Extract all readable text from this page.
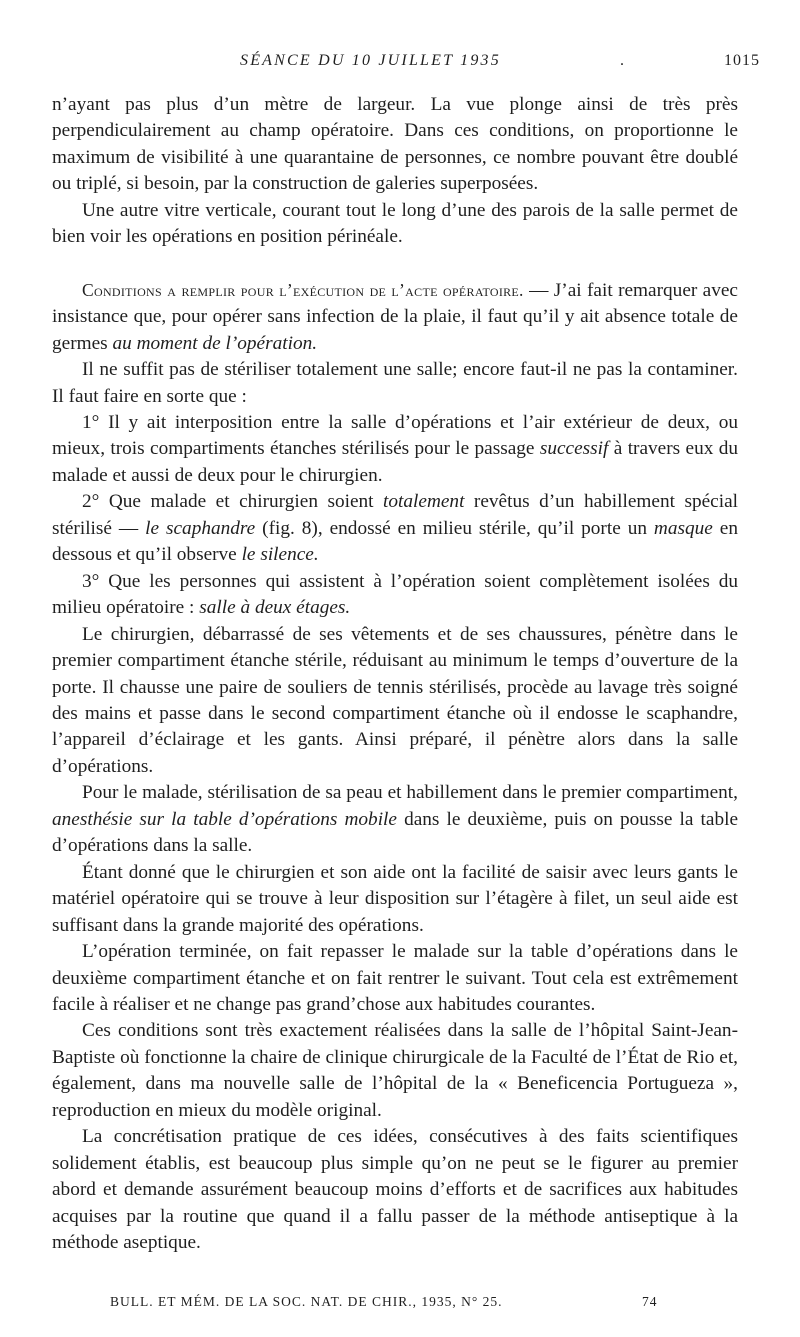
SÉANCE DU 10 JUILLET 1935	.	1015

n’ayant pas plus d’un mètre de largeur. La vue plonge ainsi de très près perpendiculairement au champ opératoire. Dans ces conditions, on proportionne le maximum de visibilité à une quarantaine de personnes, ce nombre pouvant être doublé ou triplé, si besoin, par la construction de galeries superposées.

Une autre vitre verticale, courant tout le long d’une des parois de la salle permet de bien voir les opérations en position périnéale.

Conditions a remplir pour l’exécution de l’acte opératoire. — J’ai fait remarquer avec insistance que, pour opérer sans infection de la plaie, il faut qu’il y ait absence totale de germes au moment de l’opération.

Il ne suffit pas de stériliser totalement une salle; encore faut-il ne pas la contaminer. Il faut faire en sorte que :

1° Il y ait interposition entre la salle d’opérations et l’air extérieur de deux, ou mieux, trois compartiments étanches stérilisés pour le passage successif à travers eux du malade et aussi de deux pour le chirurgien.

2° Que malade et chirurgien soient totalement revêtus d’un habillement spécial stérilisé — le scaphandre (fig. 8), endossé en milieu stérile, qu’il porte un masque en dessous et qu’il observe le silence.

3° Que les personnes qui assistent à l’opération soient complètement isolées du milieu opératoire : salle à deux étages.

Le chirurgien, débarrassé de ses vêtements et de ses chaussures, pénètre dans le premier compartiment étanche stérile, réduisant au minimum le temps d’ouverture de la porte. Il chausse une paire de souliers de tennis stérilisés, procède au lavage très soigné des mains et passe dans le second compartiment étanche où il endosse le scaphandre, l’appareil d’éclairage et les gants. Ainsi préparé, il pénètre alors dans la salle d’opérations.

Pour le malade, stérilisation de sa peau et habillement dans le premier compartiment, anesthésie sur la table d’opérations mobile dans le deuxième, puis on pousse la table d’opérations dans la salle.

Étant donné que le chirurgien et son aide ont la facilité de saisir avec leurs gants le matériel opératoire qui se trouve à leur disposition sur l’étagère à filet, un seul aide est suffisant dans la grande majorité des opérations.

L’opération terminée, on fait repasser le malade sur la table d’opérations dans le deuxième compartiment étanche et on fait rentrer le suivant. Tout cela est extrêmement facile à réaliser et ne change pas grand’chose aux habitudes courantes.

Ces conditions sont très exactement réalisées dans la salle de l’hôpital Saint-Jean-Baptiste où fonctionne la chaire de clinique chirurgicale de la Faculté de l’État de Rio et, également, dans ma nouvelle salle de l’hôpital de la « Beneficencia Portugueza », reproduction en mieux du modèle original.

La concrétisation pratique de ces idées, consécutives à des faits scientifiques solidement établis, est beaucoup plus simple qu’on ne peut se le figurer au premier abord et demande assurément beaucoup moins d’efforts et de sacrifices aux habitudes acquises par la routine que quand il a fallu passer de la méthode antiseptique à la méthode aseptique.

BULL. ET MÉM. DE LA SOC. NAT. DE CHIR., 1935, N° 25.	74
